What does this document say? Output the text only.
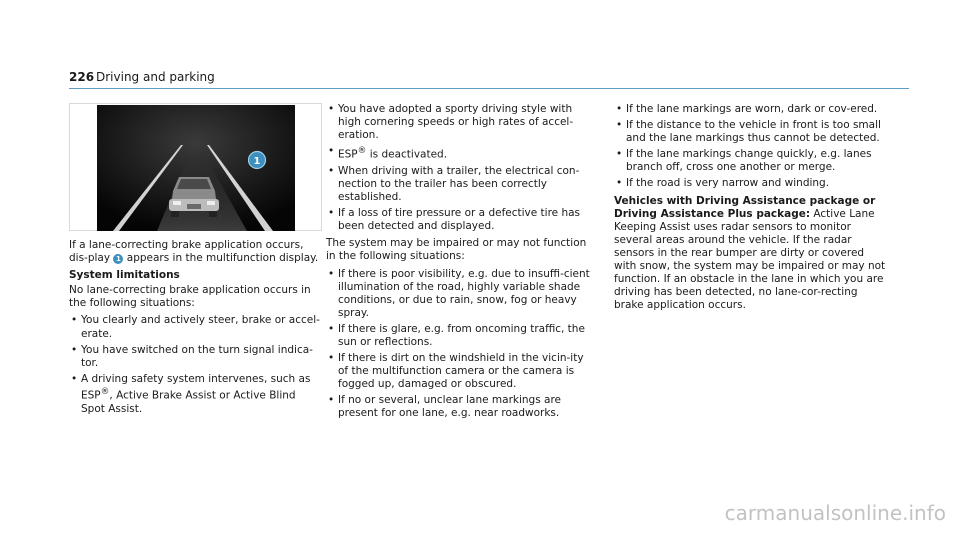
226 Driving and parking
1

If a lane-correcting brake application occurs, dis-play 1 appears in the multifunction display.

System limitations

No lane-correcting brake application occurs in the following situations:

• You clearly and actively steer, brake or accel-erate.
• You have switched on the turn signal indica-tor.
• A driving safety system intervenes, such as ESP®, Active Brake Assist or Active Blind Spot Assist.
• You have adopted a sporty driving style with high cornering speeds or high rates of accel-eration.
• ESP® is deactivated.
• When driving with a trailer, the electrical con-nection to the trailer has been correctly established.
• If a loss of tire pressure or a defective tire has been detected and displayed.

The system may be impaired or may not function in the following situations:

• If there is poor visibility, e.g. due to insuffi-cient illumination of the road, highly variable shade conditions, or due to rain, snow, fog or heavy spray.
• If there is glare, e.g. from oncoming traffic, the sun or reflections.
• If there is dirt on the windshield in the vicin-ity of the multifunction camera or the camera is fogged up, damaged or obscured.
• If no or several, unclear lane markings are present for one lane, e.g. near roadworks.
• If the lane markings are worn, dark or cov-ered.
• If the distance to the vehicle in front is too small and the lane markings thus cannot be detected.
• If the lane markings change quickly, e.g. lanes branch off, cross one another or merge.
• If the road is very narrow and winding.

Vehicles with Driving Assistance package or Driving Assistance Plus package: Active Lane Keeping Assist uses radar sensors to monitor several areas around the vehicle. If the radar sensors in the rear bumper are dirty or covered with snow, the system may be impaired or may not function. If an obstacle in the lane in which you are driving has been detected, no lane-cor-recting brake application occurs.

carmanualsonline.info
